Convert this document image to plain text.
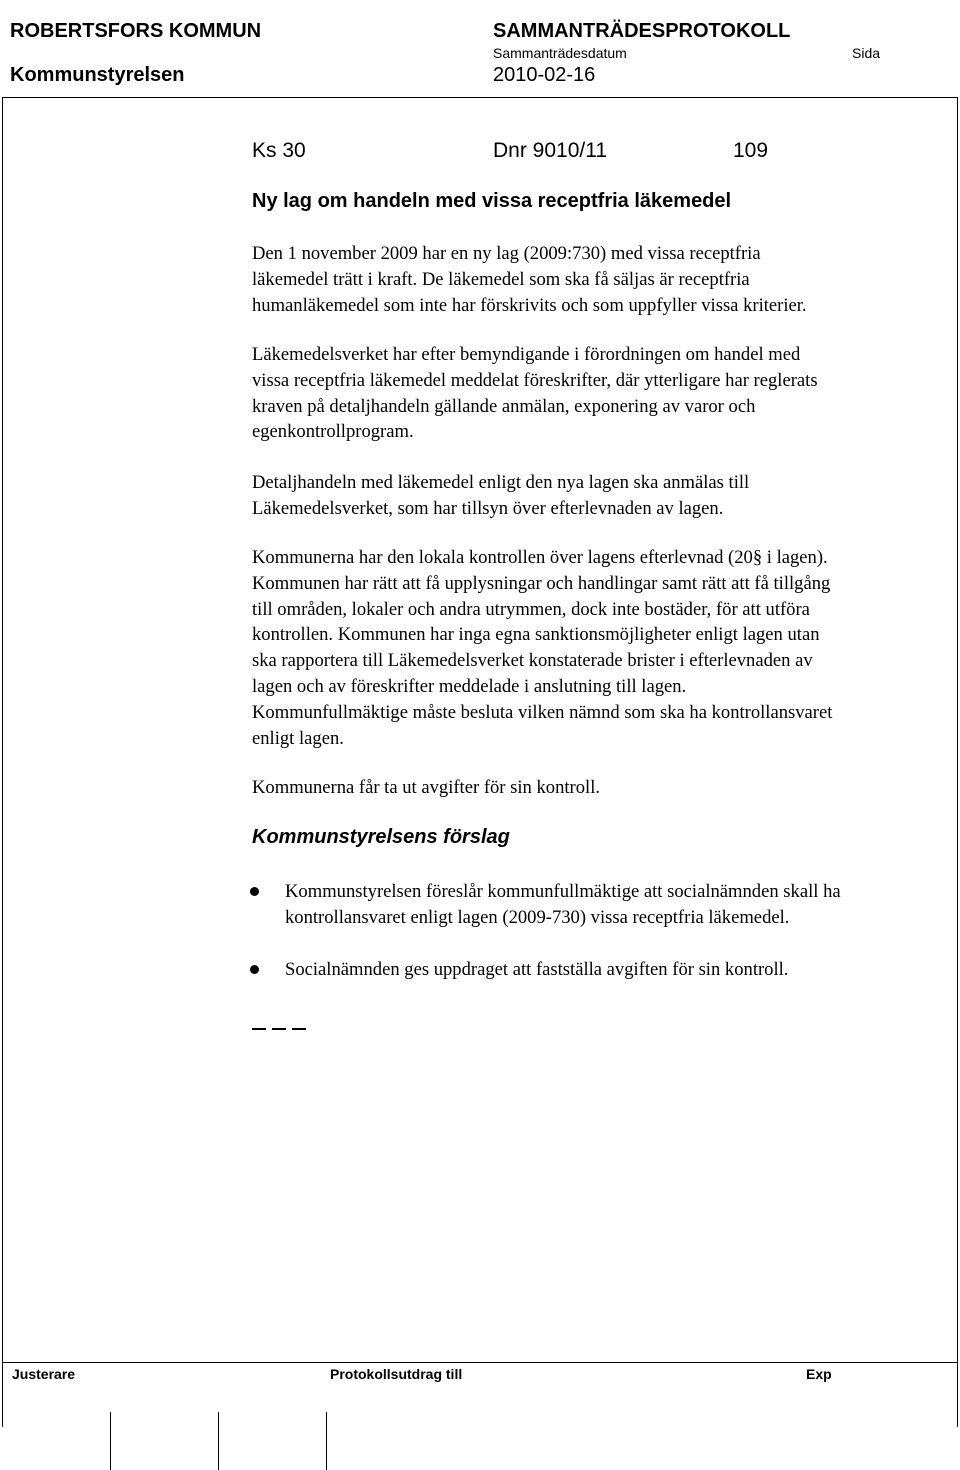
ROBERTSFORS KOMMUN	SAMMANTRÄDESPROTOKOLL
Sammanträdesdatum	Sida
Kommunstyrelsen	2010-02-16
Ks 30	Dnr 9010/11	109
Ny lag om handeln med vissa receptfria läkemedel
Den 1 november 2009 har en ny lag (2009:730) med vissa receptfria
läkemedel trätt i kraft. De läkemedel som ska få säljas är receptfria
humanläkemedel som inte har förskrivits och som uppfyller vissa kriterier.
Läkemedelsverket har efter bemyndigande i förordningen om handel med
vissa receptfria läkemedel meddelat föreskrifter, där ytterligare har reglerats
kraven på detaljhandeln gällande anmälan, exponering av varor och
egenkontrollprogram.
Detaljhandeln med läkemedel enligt den nya lagen ska anmälas till
Läkemedelsverket, som har tillsyn över efterlevnaden av lagen.
Kommunerna har den lokala kontrollen över lagens efterlevnad (20§ i lagen).
Kommunen har rätt att få upplysningar och handlingar samt rätt att få tillgång
till områden, lokaler och andra utrymmen, dock inte bostäder, för att utföra
kontrollen. Kommunen har inga egna sanktionsmöjligheter enligt lagen utan
ska rapportera till Läkemedelsverket konstaterade brister i efterlevnaden av
lagen och av föreskrifter meddelade i anslutning till lagen.
Kommunfullmäktige måste besluta vilken nämnd som ska ha kontrollansvaret
enligt lagen.
Kommunerna får ta ut avgifter för sin kontroll.
Kommunstyrelsens förslag
Kommunstyrelsen föreslår kommunfullmäktige att socialnämnden skall ha
kontrollansvaret enligt lagen (2009-730) vissa receptfria läkemedel.
Socialnämnden ges uppdraget att fastställa avgiften för sin kontroll.
Justerare	Protokollsutdrag till	Exp
